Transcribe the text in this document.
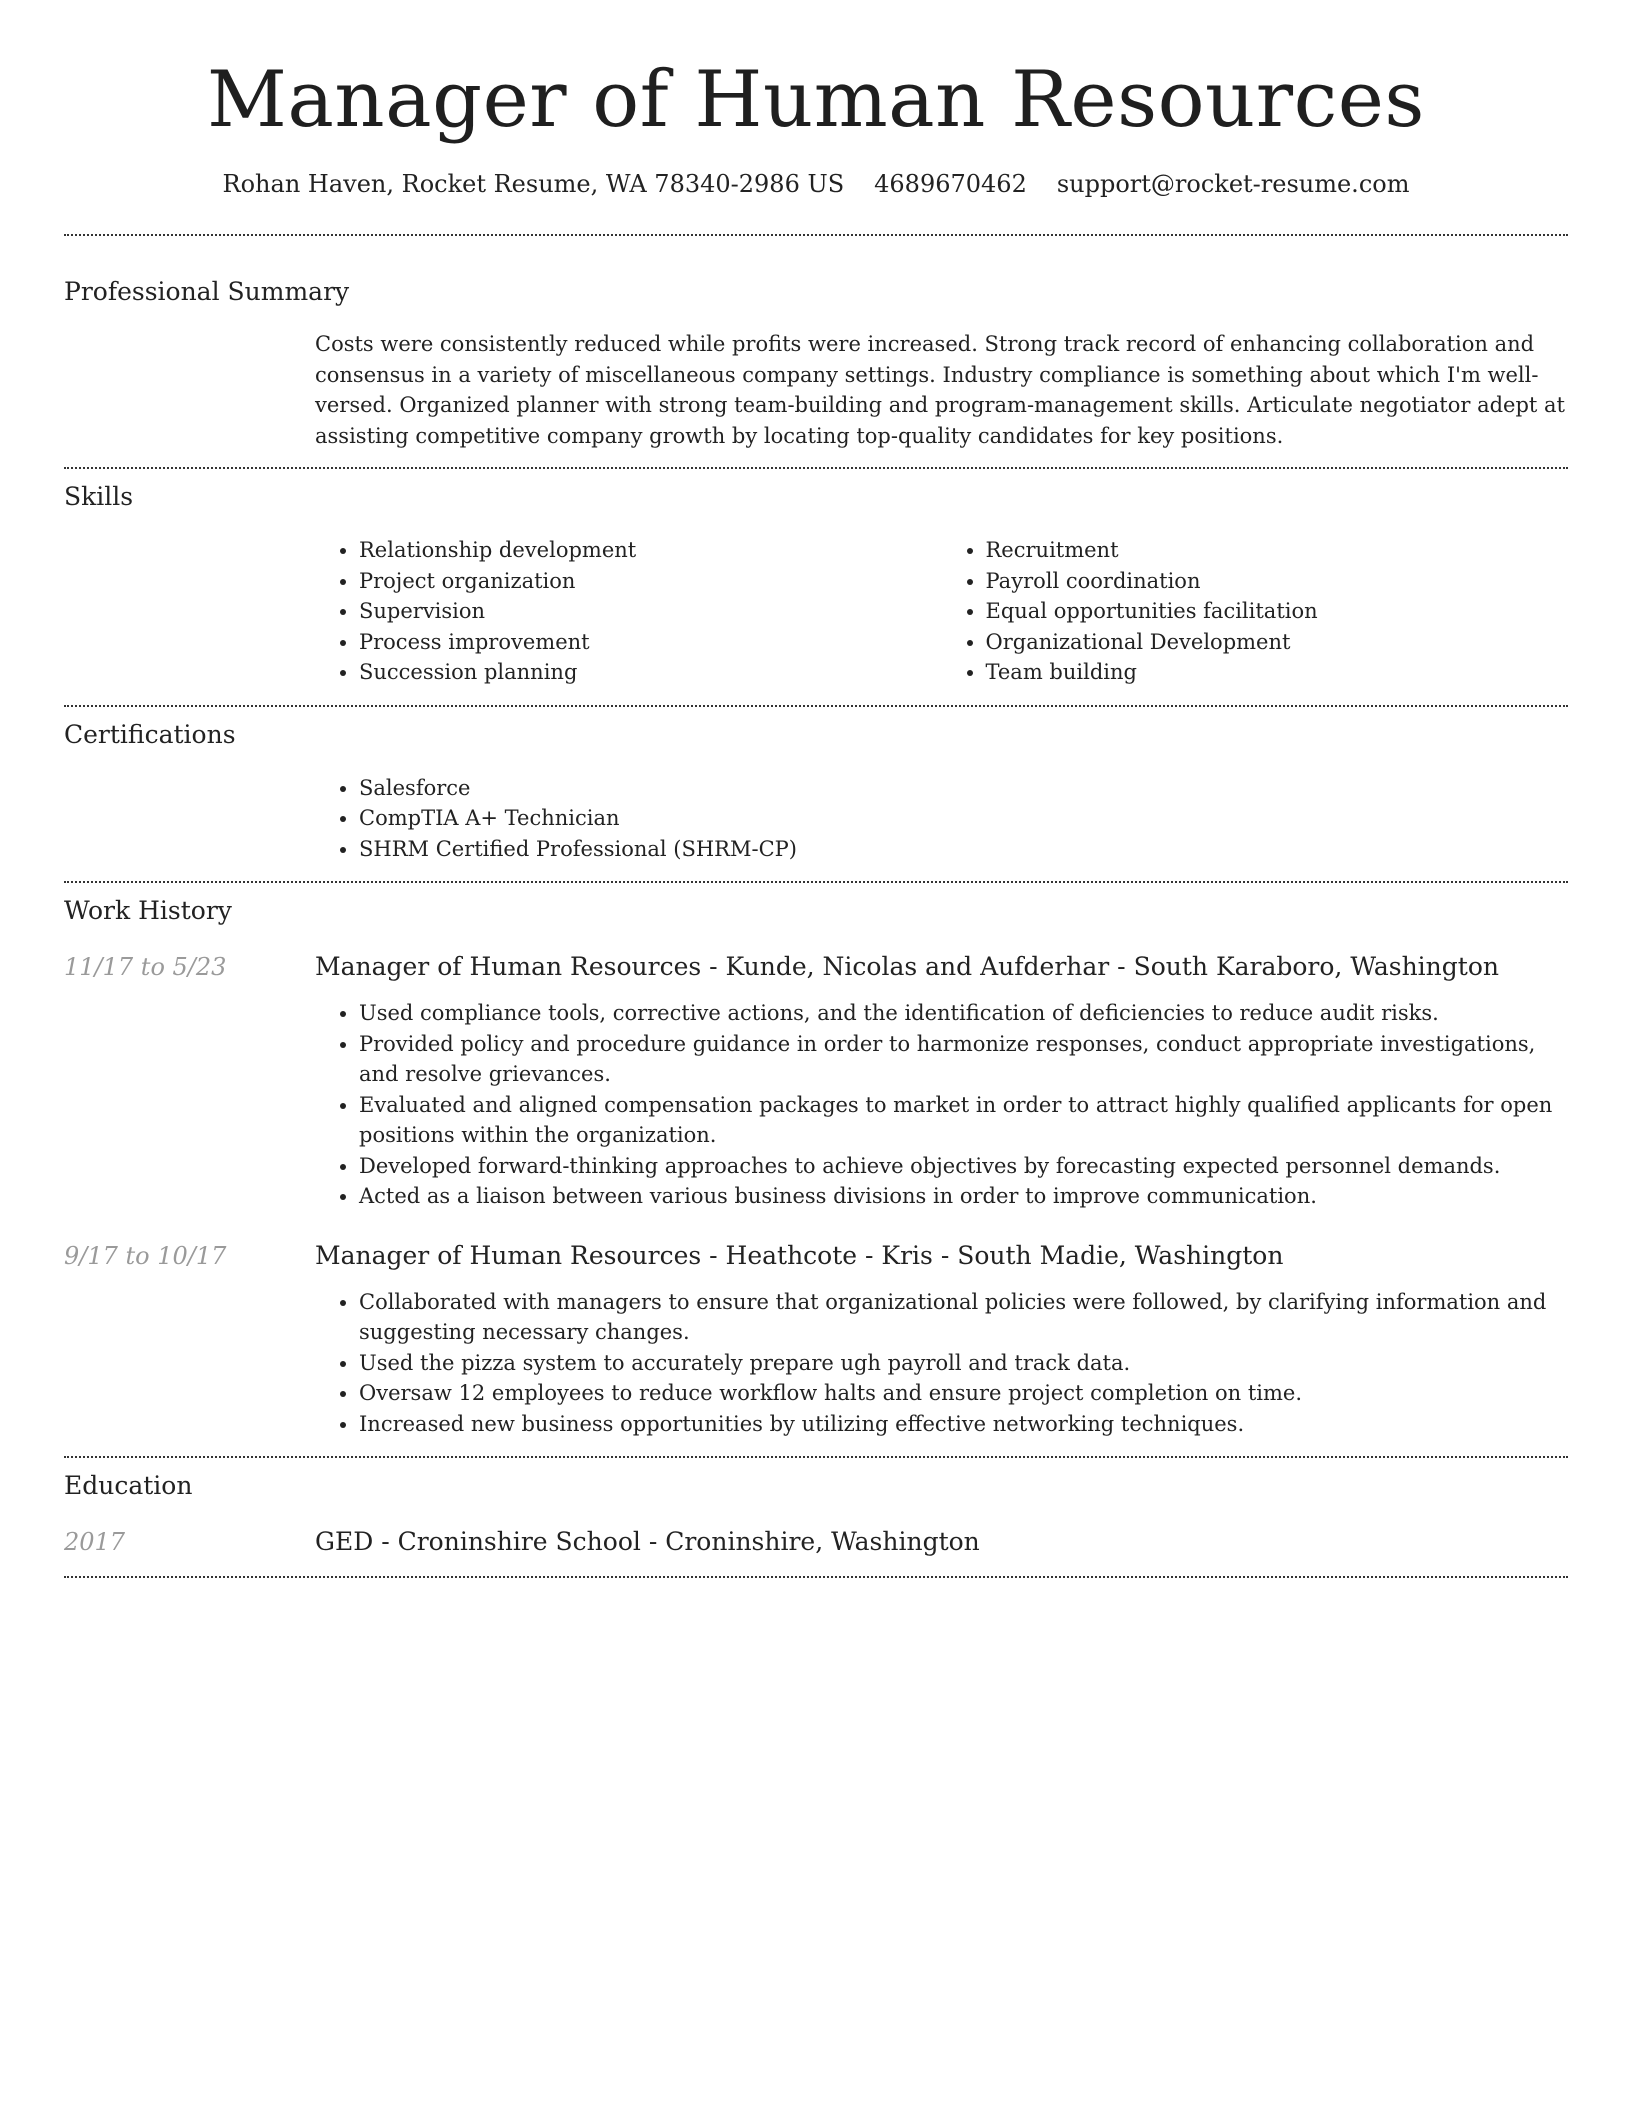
Manager of Human Resources
Rohan Haven, Rocket Resume, WA 78340-2986 US 4689670462 support@rocket-resume.com
Professional Summary
Costs were consistently reduced while profits were increased. Strong track record of enhancing collaboration and consensus in a variety of miscellaneous company settings. Industry compliance is something about which I'm well-versed. Organized planner with strong team-building and program-management skills. Articulate negotiator adept at assisting competitive company growth by locating top-quality candidates for key positions.
Skills
• Relationship development
• Project organization
• Supervision
• Process improvement
• Succession planning
• Recruitment
• Payroll coordination
• Equal opportunities facilitation
• Organizational Development
• Team building
Certifications
• Salesforce
• CompTIA A+ Technician
• SHRM Certified Professional (SHRM-CP)
Work History
11/17 to 5/23	Manager of Human Resources - Kunde, Nicolas and Aufderhar - South Karaboro, Washington
• Used compliance tools, corrective actions, and the identification of deficiencies to reduce audit risks.
• Provided policy and procedure guidance in order to harmonize responses, conduct appropriate investigations, and resolve grievances.
• Evaluated and aligned compensation packages to market in order to attract highly qualified applicants for open positions within the organization.
• Developed forward-thinking approaches to achieve objectives by forecasting expected personnel demands.
• Acted as a liaison between various business divisions in order to improve communication.
9/17 to 10/17	Manager of Human Resources - Heathcote - Kris - South Madie, Washington
• Collaborated with managers to ensure that organizational policies were followed, by clarifying information and suggesting necessary changes.
• Used the pizza system to accurately prepare ugh payroll and track data.
• Oversaw 12 employees to reduce workflow halts and ensure project completion on time.
• Increased new business opportunities by utilizing effective networking techniques.
Education
2017	GED - Croninshire School - Croninshire, Washington
